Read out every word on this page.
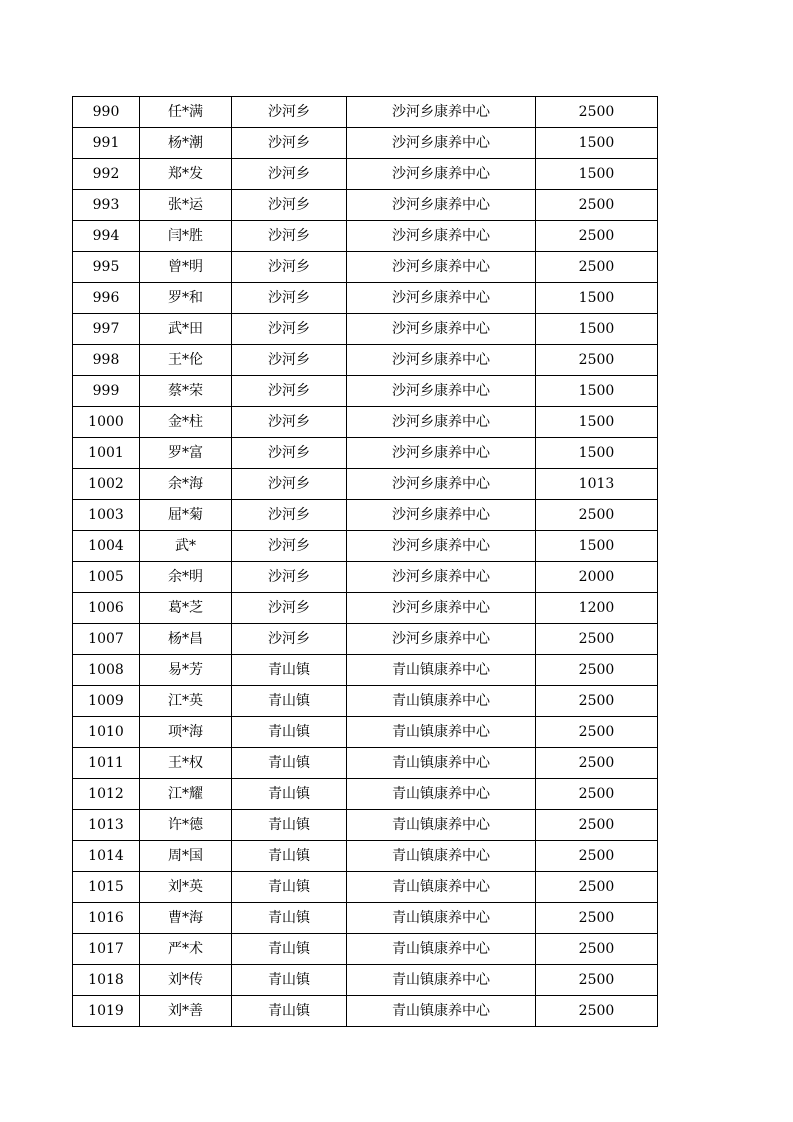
990	任*满	沙河乡	沙河乡康养中心	2500
991	杨*潮	沙河乡	沙河乡康养中心	1500
992	郑*发	沙河乡	沙河乡康养中心	1500
993	张*运	沙河乡	沙河乡康养中心	2500
994	闫*胜	沙河乡	沙河乡康养中心	2500
995	曾*明	沙河乡	沙河乡康养中心	2500
996	罗*和	沙河乡	沙河乡康养中心	1500
997	武*田	沙河乡	沙河乡康养中心	1500
998	王*伦	沙河乡	沙河乡康养中心	2500
999	蔡*荣	沙河乡	沙河乡康养中心	1500
1000	金*柱	沙河乡	沙河乡康养中心	1500
1001	罗*富	沙河乡	沙河乡康养中心	1500
1002	余*海	沙河乡	沙河乡康养中心	1013
1003	屈*菊	沙河乡	沙河乡康养中心	2500
1004	武*	沙河乡	沙河乡康养中心	1500
1005	余*明	沙河乡	沙河乡康养中心	2000
1006	葛*芝	沙河乡	沙河乡康养中心	1200
1007	杨*昌	沙河乡	沙河乡康养中心	2500
1008	易*芳	青山镇	青山镇康养中心	2500
1009	江*英	青山镇	青山镇康养中心	2500
1010	项*海	青山镇	青山镇康养中心	2500
1011	王*权	青山镇	青山镇康养中心	2500
1012	江*耀	青山镇	青山镇康养中心	2500
1013	许*德	青山镇	青山镇康养中心	2500
1014	周*国	青山镇	青山镇康养中心	2500
1015	刘*英	青山镇	青山镇康养中心	2500
1016	曹*海	青山镇	青山镇康养中心	2500
1017	严*术	青山镇	青山镇康养中心	2500
1018	刘*传	青山镇	青山镇康养中心	2500
1019	刘*善	青山镇	青山镇康养中心	2500
